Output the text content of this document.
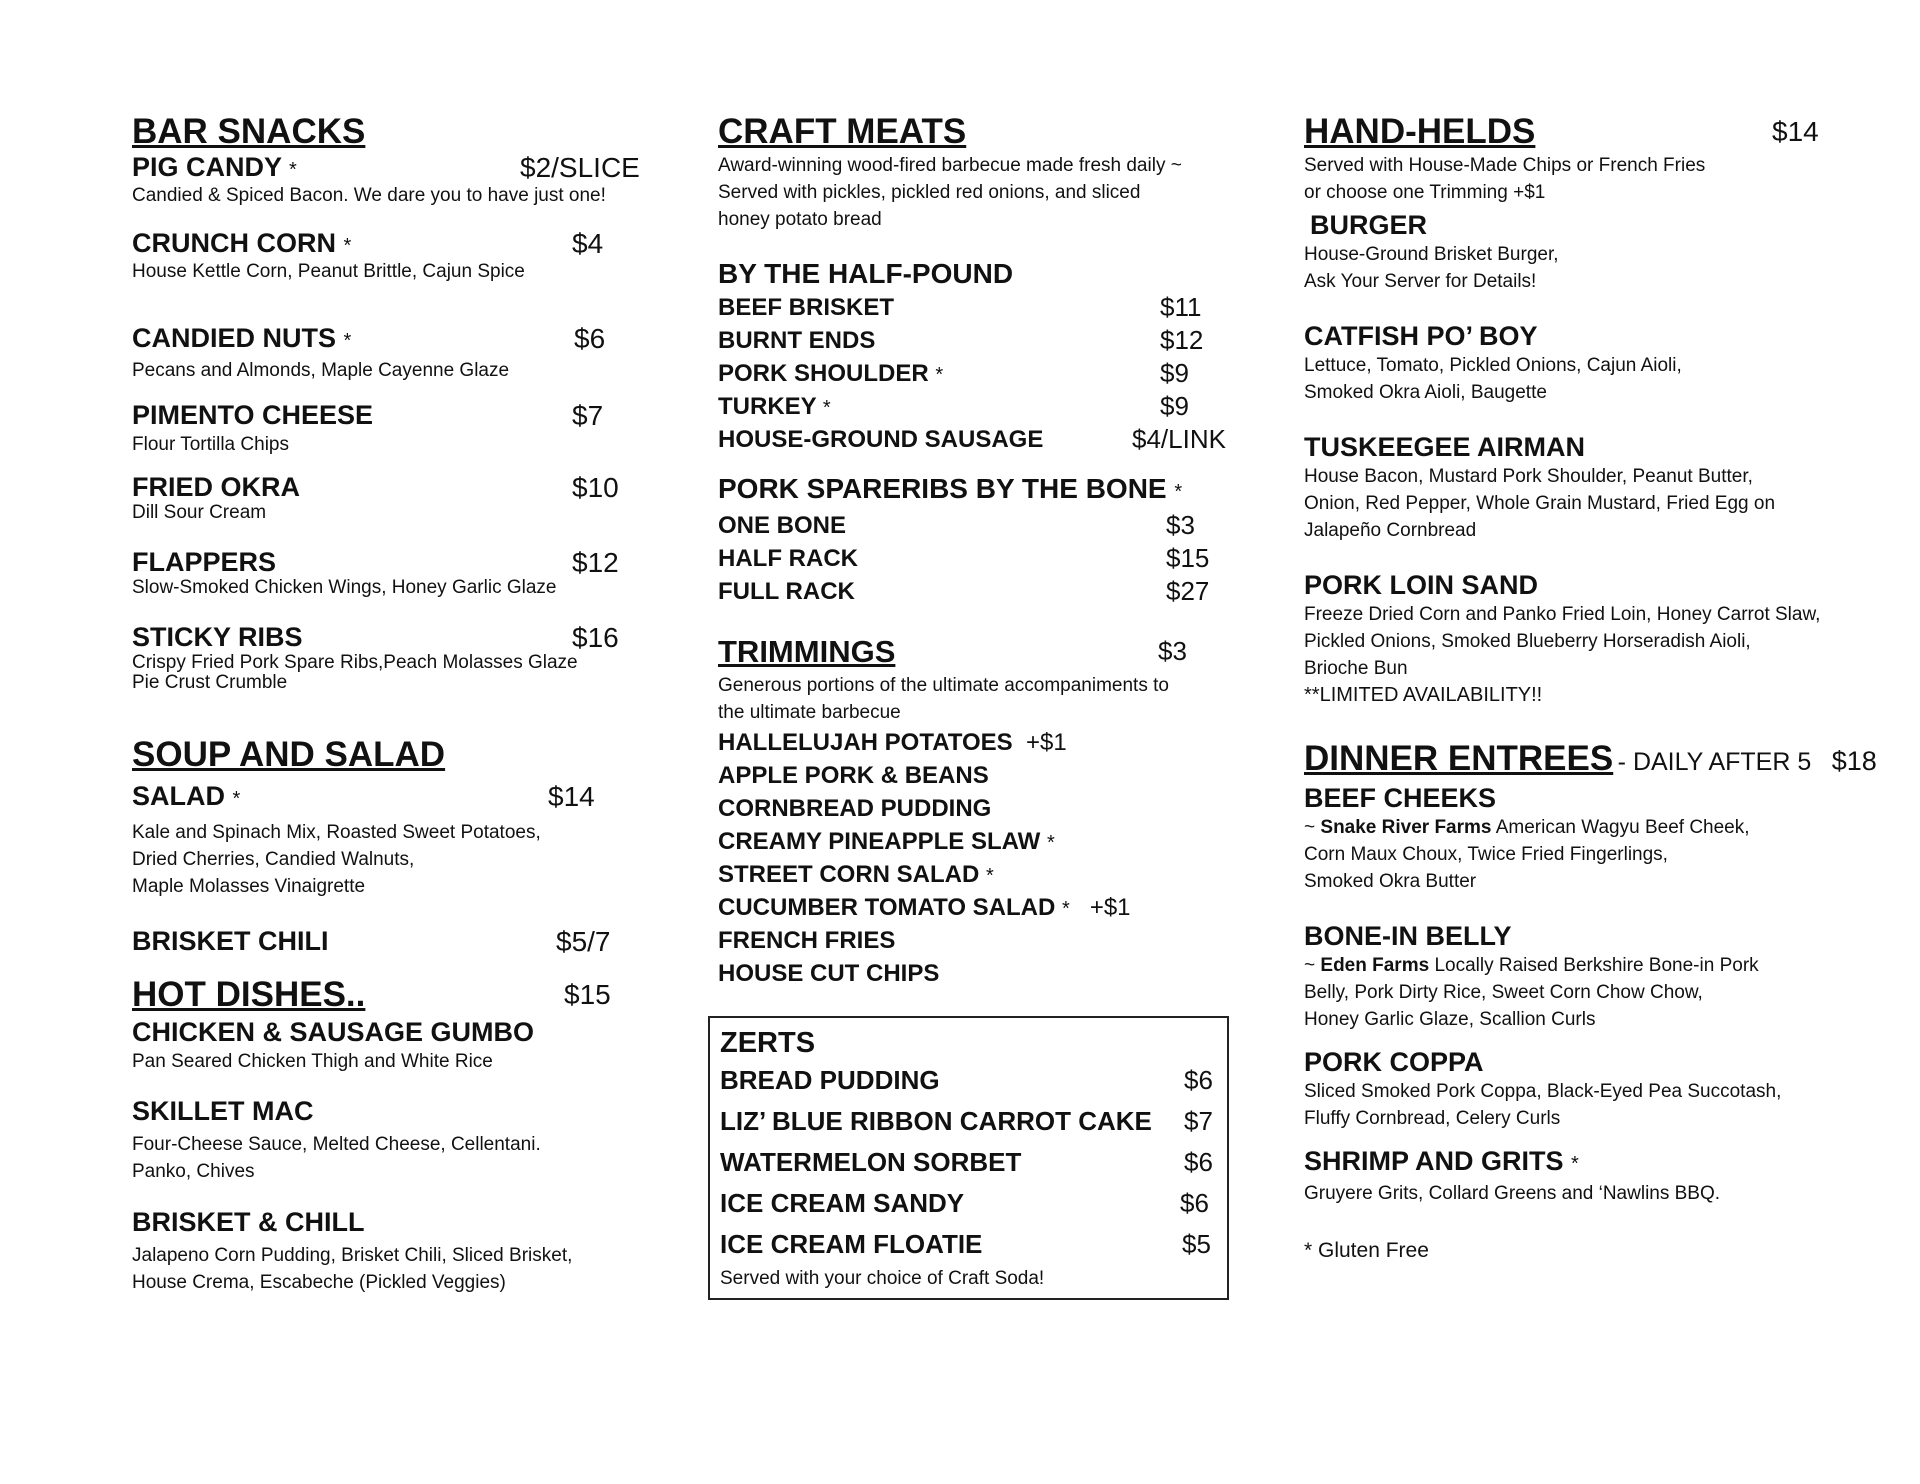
BAR SNACKS
PIG CANDY *	$2/SLICE
Candied & Spiced Bacon. We dare you to have just one!
CRUNCH CORN *	$4
House Kettle Corn, Peanut Brittle, Cajun Spice
CANDIED NUTS *	$6
Pecans and Almonds, Maple Cayenne Glaze
PIMENTO CHEESE	$7
Flour Tortilla Chips
FRIED OKRA	$10
Dill Sour Cream
FLAPPERS	$12
Slow-Smoked Chicken Wings, Honey Garlic Glaze
STICKY RIBS	$16
Crispy Fried Pork Spare Ribs,Peach Molasses Glaze
Pie Crust Crumble
SOUP AND SALAD
SALAD *	$14
Kale and Spinach Mix, Roasted Sweet Potatoes,
Dried Cherries, Candied Walnuts,
Maple Molasses Vinaigrette
BRISKET CHILI	$5/7
HOT DISHES..	$15
CHICKEN & SAUSAGE GUMBO
Pan Seared Chicken Thigh and White Rice
SKILLET MAC
Four-Cheese Sauce, Melted Cheese, Cellentani.
Panko, Chives
BRISKET & CHILL
Jalapeno Corn Pudding, Brisket Chili, Sliced Brisket,
House Crema, Escabeche (Pickled Veggies)
CRAFT MEATS
Award-winning wood-fired barbecue made fresh daily ~
Served with pickles, pickled red onions, and sliced
honey potato bread
BY THE HALF-POUND
BEEF BRISKET	$11
BURNT ENDS	$12
PORK SHOULDER *	$9
TURKEY *	$9
HOUSE-GROUND SAUSAGE	$4/LINK
PORK SPARERIBS BY THE BONE *
ONE BONE	$3
HALF RACK	$15
FULL RACK	$27
TRIMMINGS	$3
Generous portions of the ultimate accompaniments to
the ultimate barbecue
HALLELUJAH POTATOES +$1
APPLE PORK & BEANS
CORNBREAD PUDDING
CREAMY PINEAPPLE SLAW *
STREET CORN SALAD *
CUCUMBER TOMATO SALAD * +$1
FRENCH FRIES
HOUSE CUT CHIPS
ZERTS
BREAD PUDDING	$6
LIZ’ BLUE RIBBON CARROT CAKE $7
WATERMELON SORBET	$6
ICE CREAM SANDY	$6
ICE CREAM FLOATIE	$5
Served with your choice of Craft Soda!
HAND-HELDS	$14
Served with House-Made Chips or French Fries
or choose one Trimming +$1
BURGER
House-Ground Brisket Burger,
Ask Your Server for Details!
CATFISH PO’ BOY
Lettuce, Tomato, Pickled Onions, Cajun Aioli,
Smoked Okra Aioli, Baugette
TUSKEEGEE AIRMAN
House Bacon, Mustard Pork Shoulder, Peanut Butter,
Onion, Red Pepper, Whole Grain Mustard, Fried Egg on
Jalapeño Cornbread
PORK LOIN SAND
Freeze Dried Corn and Panko Fried Loin, Honey Carrot Slaw,
Pickled Onions, Smoked Blueberry Horseradish Aioli,
Brioche Bun
**LIMITED AVAILABILITY!!
DINNER ENTREES - DAILY AFTER 5 $18
BEEF CHEEKS
~ Snake River Farms American Wagyu Beef Cheek,
Corn Maux Choux, Twice Fried Fingerlings,
Smoked Okra Butter
BONE-IN BELLY
~ Eden Farms Locally Raised Berkshire Bone-in Pork
Belly, Pork Dirty Rice, Sweet Corn Chow Chow,
Honey Garlic Glaze, Scallion Curls
PORK COPPA
Sliced Smoked Pork Coppa, Black-Eyed Pea Succotash,
Fluffy Cornbread, Celery Curls
SHRIMP AND GRITS *
Gruyere Grits, Collard Greens and ‘Nawlins BBQ.
* Gluten Free
